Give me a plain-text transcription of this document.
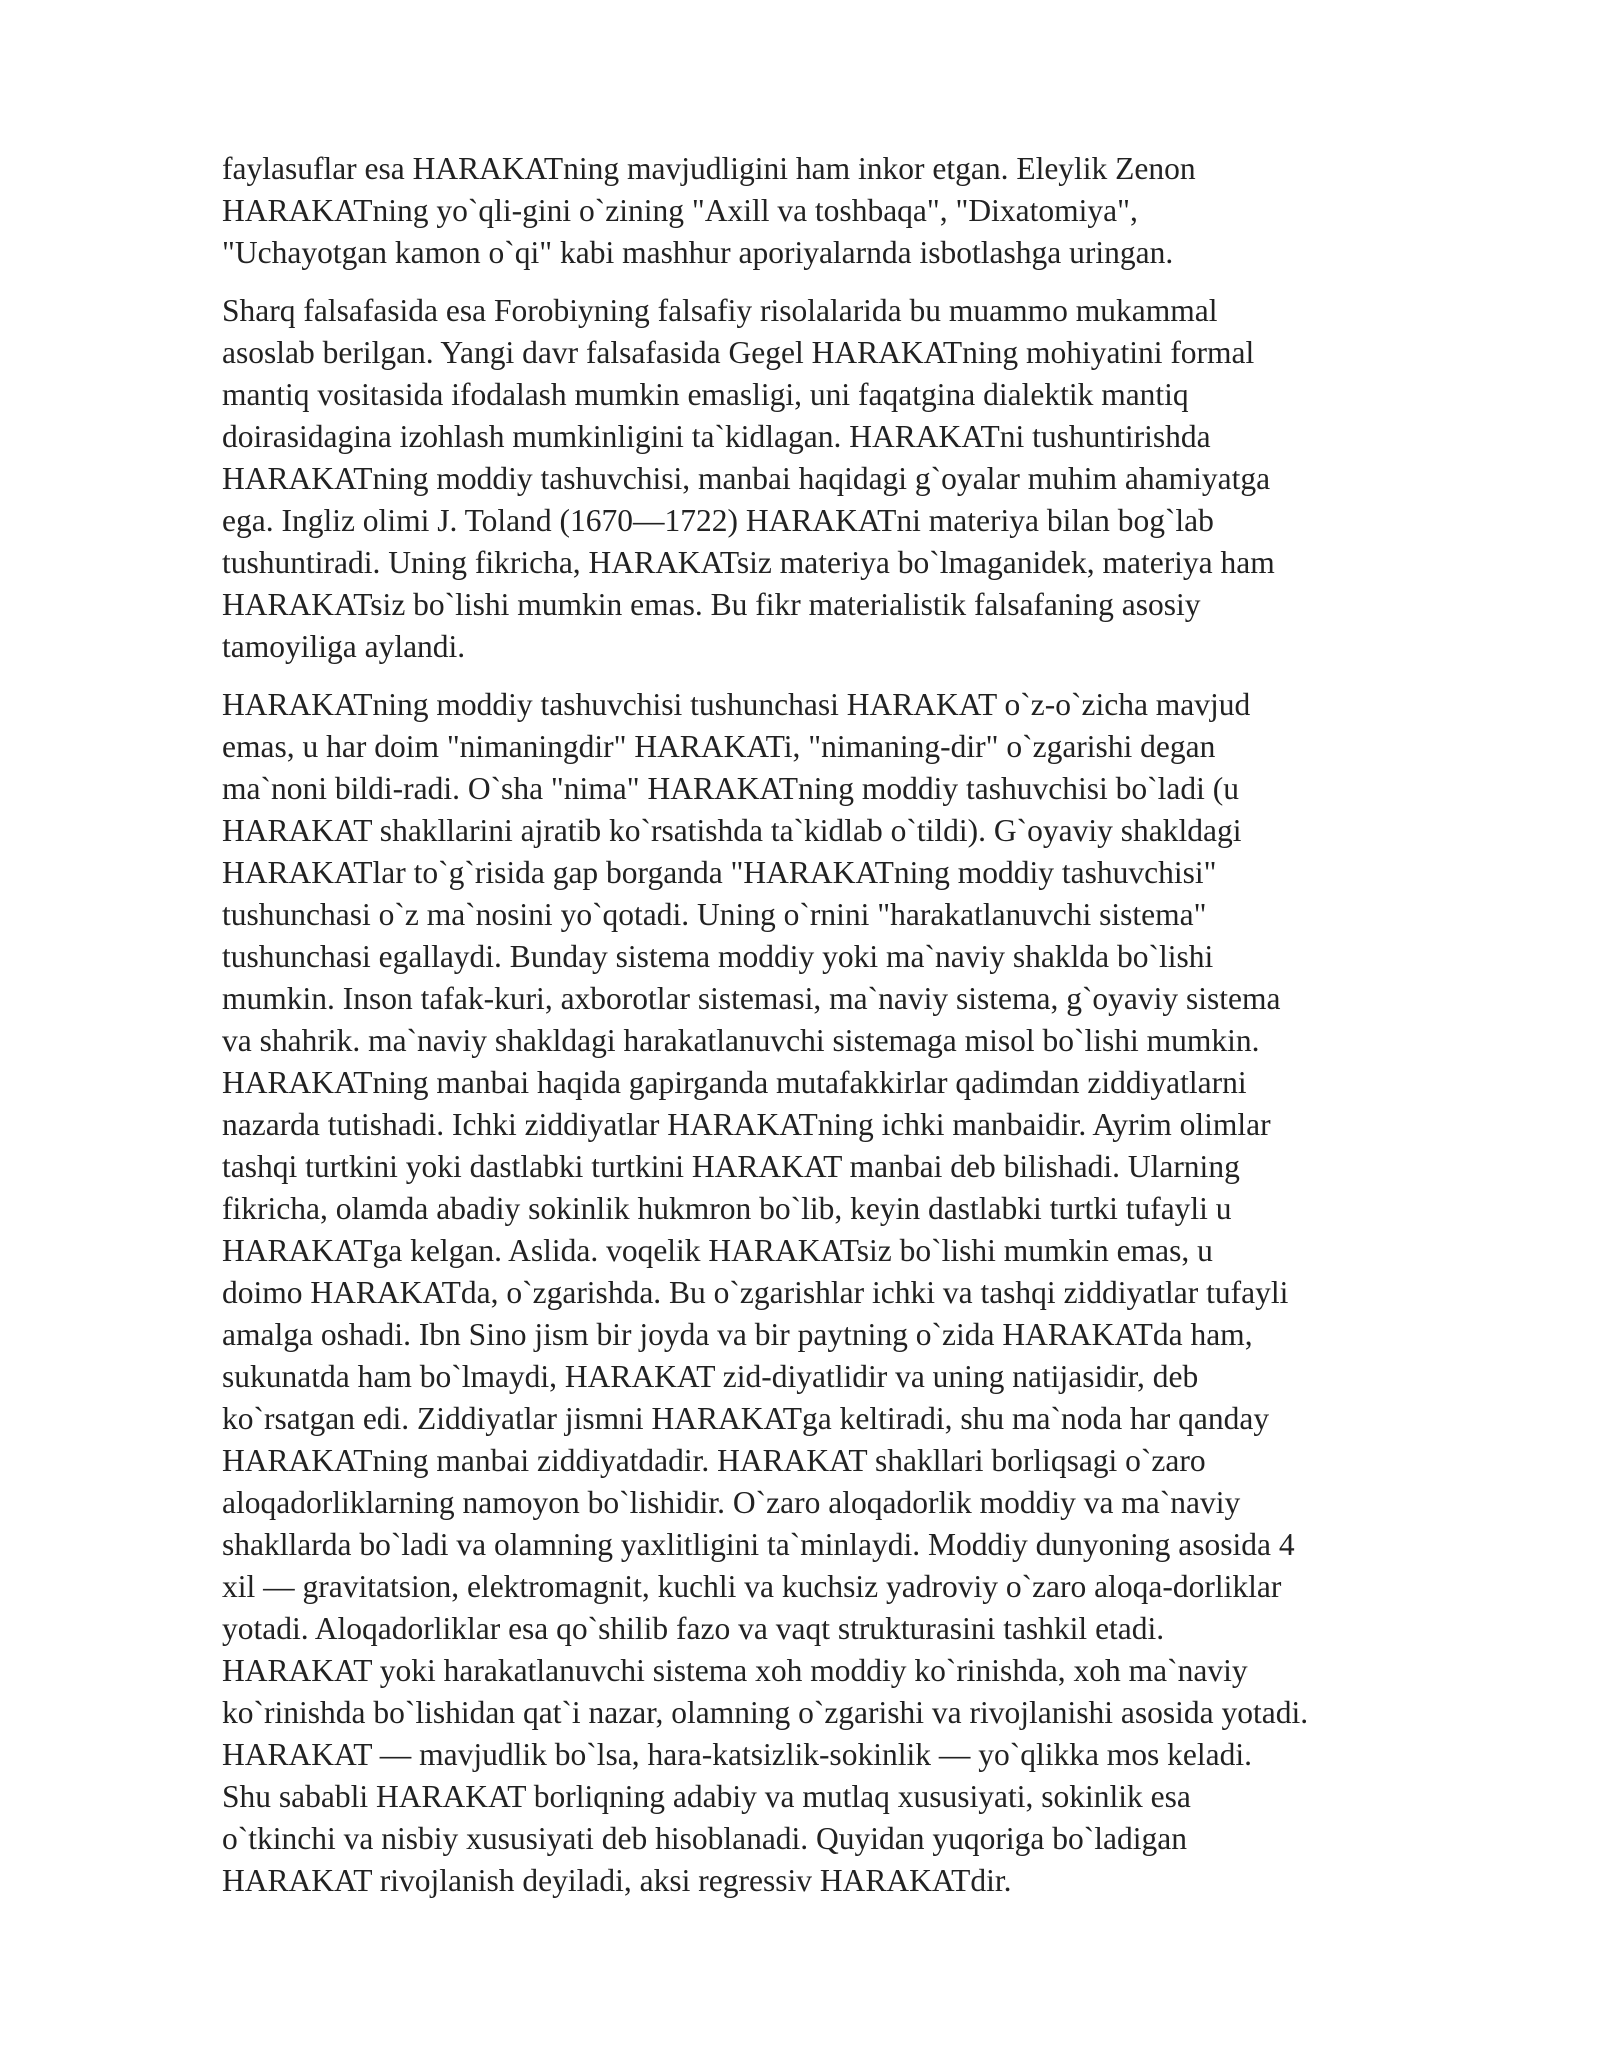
faylasuflar esa HARAKATning mavjudligini ham inkor etgan. Eleylik Zenon
HARAKATning yo`qli-gini o`zining "Axill va toshbaqa", "Dixatomiya",
"Uchayotgan kamon o`qi" kabi mashhur aporiyalarnda isbotlashga uringan.
Sharq falsafasida esa Forobiyning falsafiy risolalarida bu muammo mukammal
asoslab berilgan. Yangi davr falsafasida Gegel HARAKATning mohiyatini formal
mantiq vositasida ifodalash mumkin emasligi, uni faqatgina dialektik mantiq
doirasidagina izohlash mumkinligini ta`kidlagan. HARAKATni tushuntirishda
HARAKATning moddiy tashuvchisi, manbai haqidagi g`oyalar muhim ahamiyatga
ega. Ingliz olimi J. Toland (1670—1722) HARAKATni materiya bilan bog`lab
tushuntiradi. Uning fikricha, HARAKATsiz materiya bo`lmaganidek, materiya ham
HARAKATsiz bo`lishi mumkin emas. Bu fikr materialistik falsafaning asosiy
tamoyiliga aylandi.
HARAKATning moddiy tashuvchisi tushunchasi HARAKAT o`z-o`zicha mavjud
emas, u har doim "nimaningdir" HARAKATi, "nimaning-dir" o`zgarishi degan
ma`noni bildi-radi. O`sha "nima" HARAKATning moddiy tashuvchisi bo`ladi (u
HARAKAT shakllarini ajratib ko`rsatishda ta`kidlab o`tildi). G`oyaviy shakldagi
HARAKATlar to`g`risida gap borganda "HARAKATning moddiy tashuvchisi"
tushunchasi o`z ma`nosini yo`qotadi. Uning o`rnini "harakatlanuvchi sistema"
tushunchasi egallaydi. Bunday sistema moddiy yoki ma`naviy shaklda bo`lishi
mumkin. Inson tafak-kuri, axborotlar sistemasi, ma`naviy sistema, g`oyaviy sistema
va shahrik. ma`naviy shakldagi harakatlanuvchi sistemaga misol bo`lishi mumkin.
HARAKATning manbai haqida gapirganda mutafakkirlar qadimdan ziddiyatlarni
nazarda tutishadi. Ichki ziddiyatlar HARAKATning ichki manbaidir. Ayrim olimlar
tashqi turtkini yoki dastlabki turtkini HARAKAT manbai deb bilishadi. Ularning
fikricha, olamda abadiy sokinlik hukmron bo`lib, keyin dastlabki turtki tufayli u
HARAKATga kelgan. Aslida. voqelik HARAKATsiz bo`lishi mumkin emas, u
doimo HARAKATda, o`zgarishda. Bu o`zgarishlar ichki va tashqi ziddiyatlar tufayli
amalga oshadi. Ibn Sino jism bir joyda va bir paytning o`zida HARAKATda ham,
sukunatda ham bo`lmaydi, HARAKAT zid-diyatlidir va uning natijasidir, deb
ko`rsatgan edi. Ziddiyatlar jismni HARAKATga keltiradi, shu ma`noda har qanday
HARAKATning manbai ziddiyatdadir. HARAKAT shakllari borliqsagi o`zaro
aloqadorliklarning namoyon bo`lishidir. O`zaro aloqadorlik moddiy va ma`naviy
shakllarda bo`ladi va olamning yaxlitligini ta`minlaydi. Moddiy dunyoning asosida 4
xil — gravitatsion, elektromagnit, kuchli va kuchsiz yadroviy o`zaro aloqa-dorliklar
yotadi. Aloqadorliklar esa qo`shilib fazo va vaqt strukturasini tashkil etadi.
HARAKAT yoki harakatlanuvchi sistema xoh moddiy ko`rinishda, xoh ma`naviy
ko`rinishda bo`lishidan qat`i nazar, olamning o`zgarishi va rivojlanishi asosida yotadi.
HARAKAT — mavjudlik bo`lsa, hara-katsizlik-sokinlik — yo`qlikka mos keladi.
Shu sababli HARAKAT borliqning adabiy va mutlaq xususiyati, sokinlik esa
o`tkinchi va nisbiy xususiyati deb hisoblanadi. Quyidan yuqoriga bo`ladigan
HARAKAT rivojlanish deyiladi, aksi regressiv HARAKATdir.
